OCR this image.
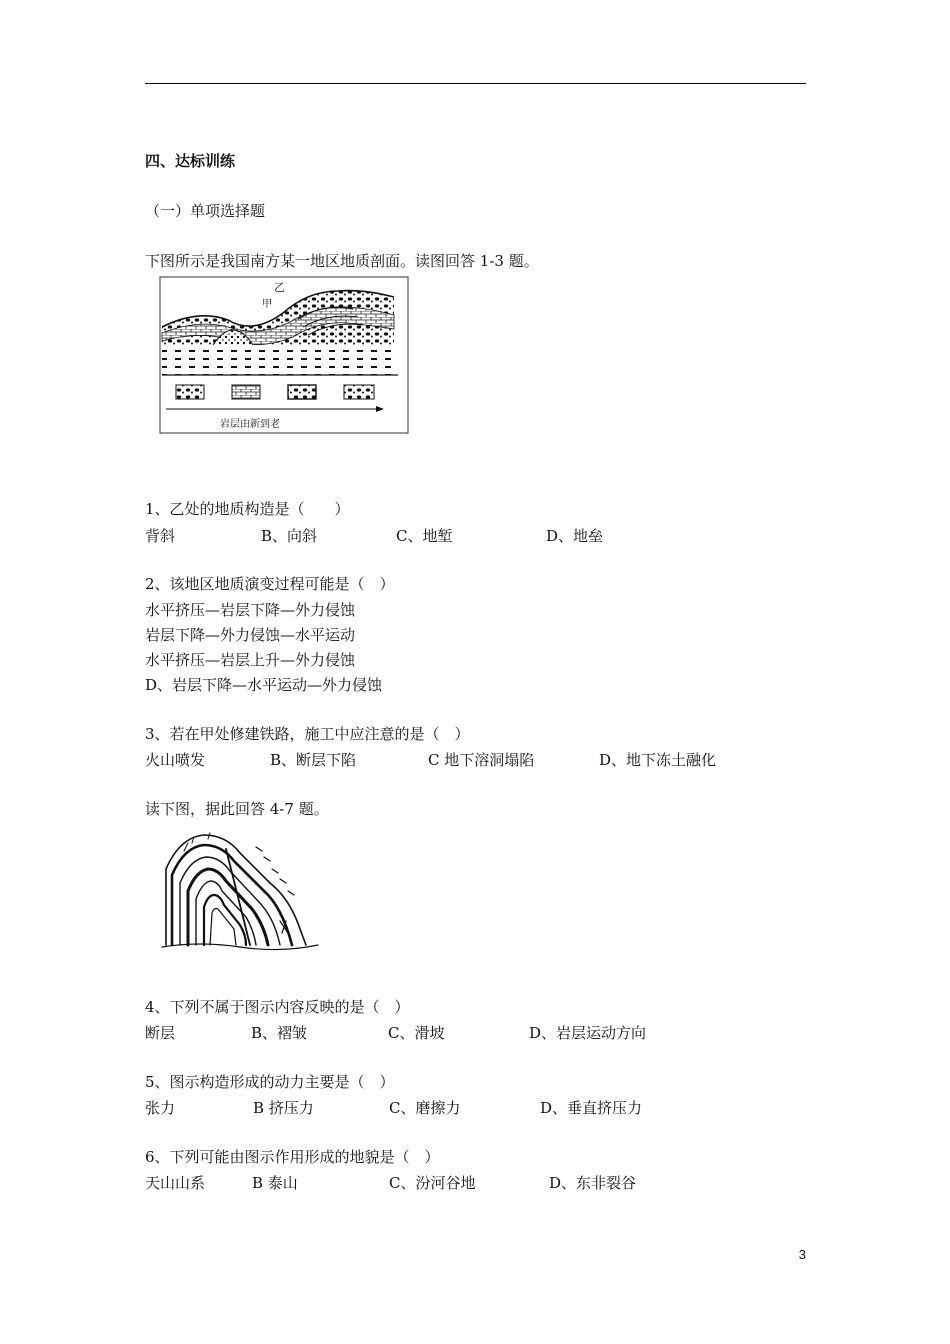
四、达标训练
（一）单项选择题
下图所示是我国南方某一地区地质剖面。读图回答 1-3 题。
乙
甲
岩层由新到老
1、乙处的地质构造是（　　）
背斜	B、向斜	C、地堑	D、地垒
2、该地区地质演变过程可能是（　）
水平挤压—岩层下降—外力侵蚀
岩层下降—外力侵蚀—水平运动
水平挤压—岩层上升—外力侵蚀
D、岩层下降—水平运动—外力侵蚀
3、若在甲处修建铁路，施工中应注意的是（　）
火山喷发	B、断层下陷	C 地下溶洞塌陷	D、地下冻土融化
读下图，据此回答 4-7 题。
4、下列不属于图示内容反映的是（　）
断层	B、褶皱	C、滑坡	D、岩层运动方向
5、图示构造形成的动力主要是（　）
张力	B 挤压力	C、磨擦力	D、垂直挤压力
6、下列可能由图示作用形成的地貌是（　）
天山山系	B 泰山	C、汾河谷地	D、东非裂谷
3
